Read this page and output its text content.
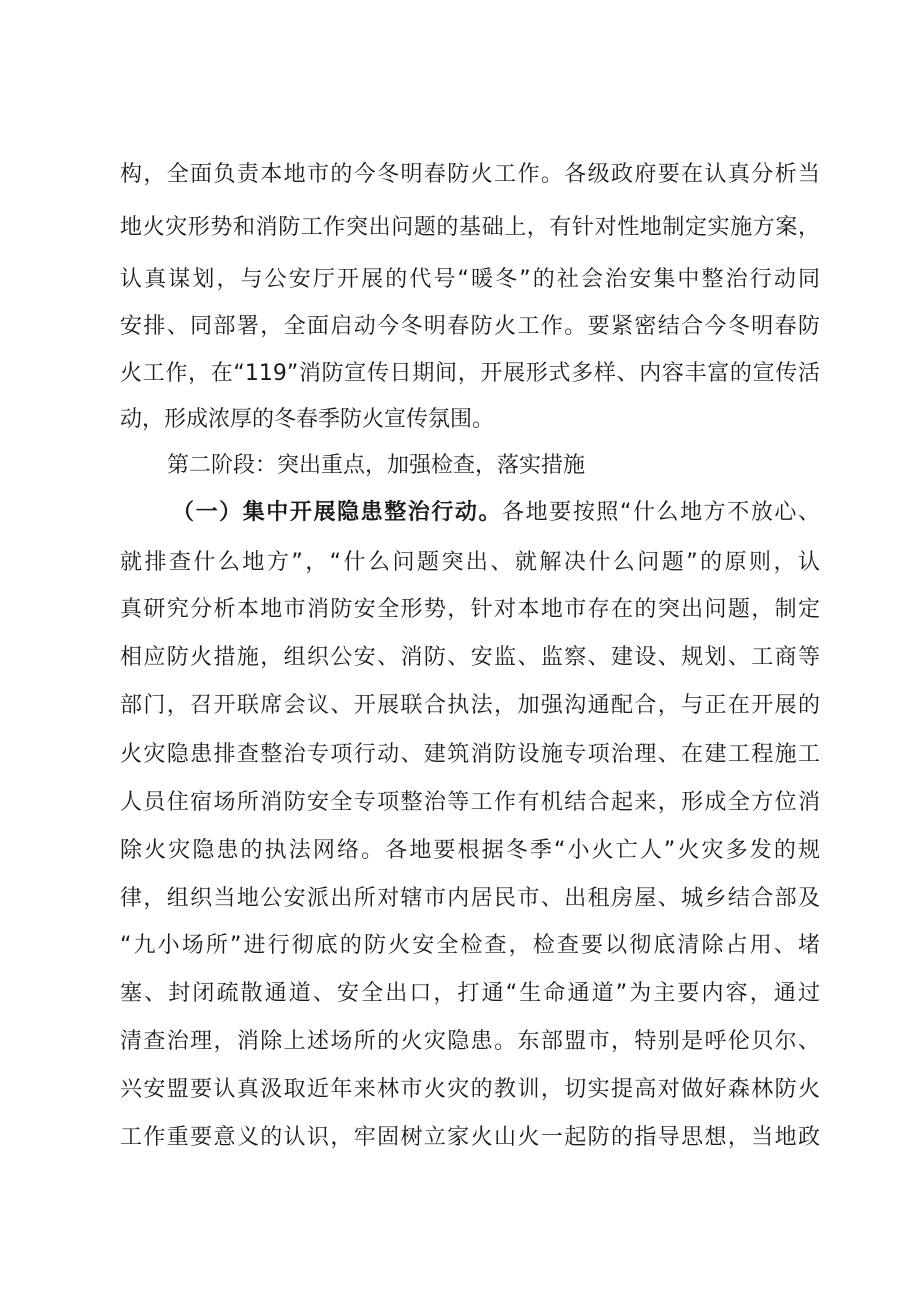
构，全面负责本地市的今冬明春防火工作。各级政府要在认真分析当
地火灾形势和消防工作突出问题的基础上，有针对性地制定实施方案，
认真谋划，与公安厅开展的代号“暖冬”的社会治安集中整治行动同
安排、同部署，全面启动今冬明春防火工作。要紧密结合今冬明春防
火工作，在“119”消防宣传日期间，开展形式多样、内容丰富的宣传活
动，形成浓厚的冬春季防火宣传氛围。
第二阶段：突出重点，加强检查，落实措施
（一）集中开展隐患整治行动。各地要按照“什么地方不放心、
就排查什么地方”，“什么问题突出、就解决什么问题”的原则，认
真研究分析本地市消防安全形势，针对本地市存在的突出问题，制定
相应防火措施，组织公安、消防、安监、监察、建设、规划、工商等
部门，召开联席会议、开展联合执法，加强沟通配合，与正在开展的
火灾隐患排查整治专项行动、建筑消防设施专项治理、在建工程施工
人员住宿场所消防安全专项整治等工作有机结合起来，形成全方位消
除火灾隐患的执法网络。各地要根据冬季“小火亡人”火灾多发的规
律，组织当地公安派出所对辖市内居民市、出租房屋、城乡结合部及
“九小场所”进行彻底的防火安全检查，检查要以彻底清除占用、堵
塞、封闭疏散通道、安全出口，打通“生命通道”为主要内容，通过
清查治理，消除上述场所的火灾隐患。东部盟市，特别是呼伦贝尔、
兴安盟要认真汲取近年来林市火灾的教训，切实提高对做好森林防火
工作重要意义的认识，牢固树立家火山火一起防的指导思想，当地政
